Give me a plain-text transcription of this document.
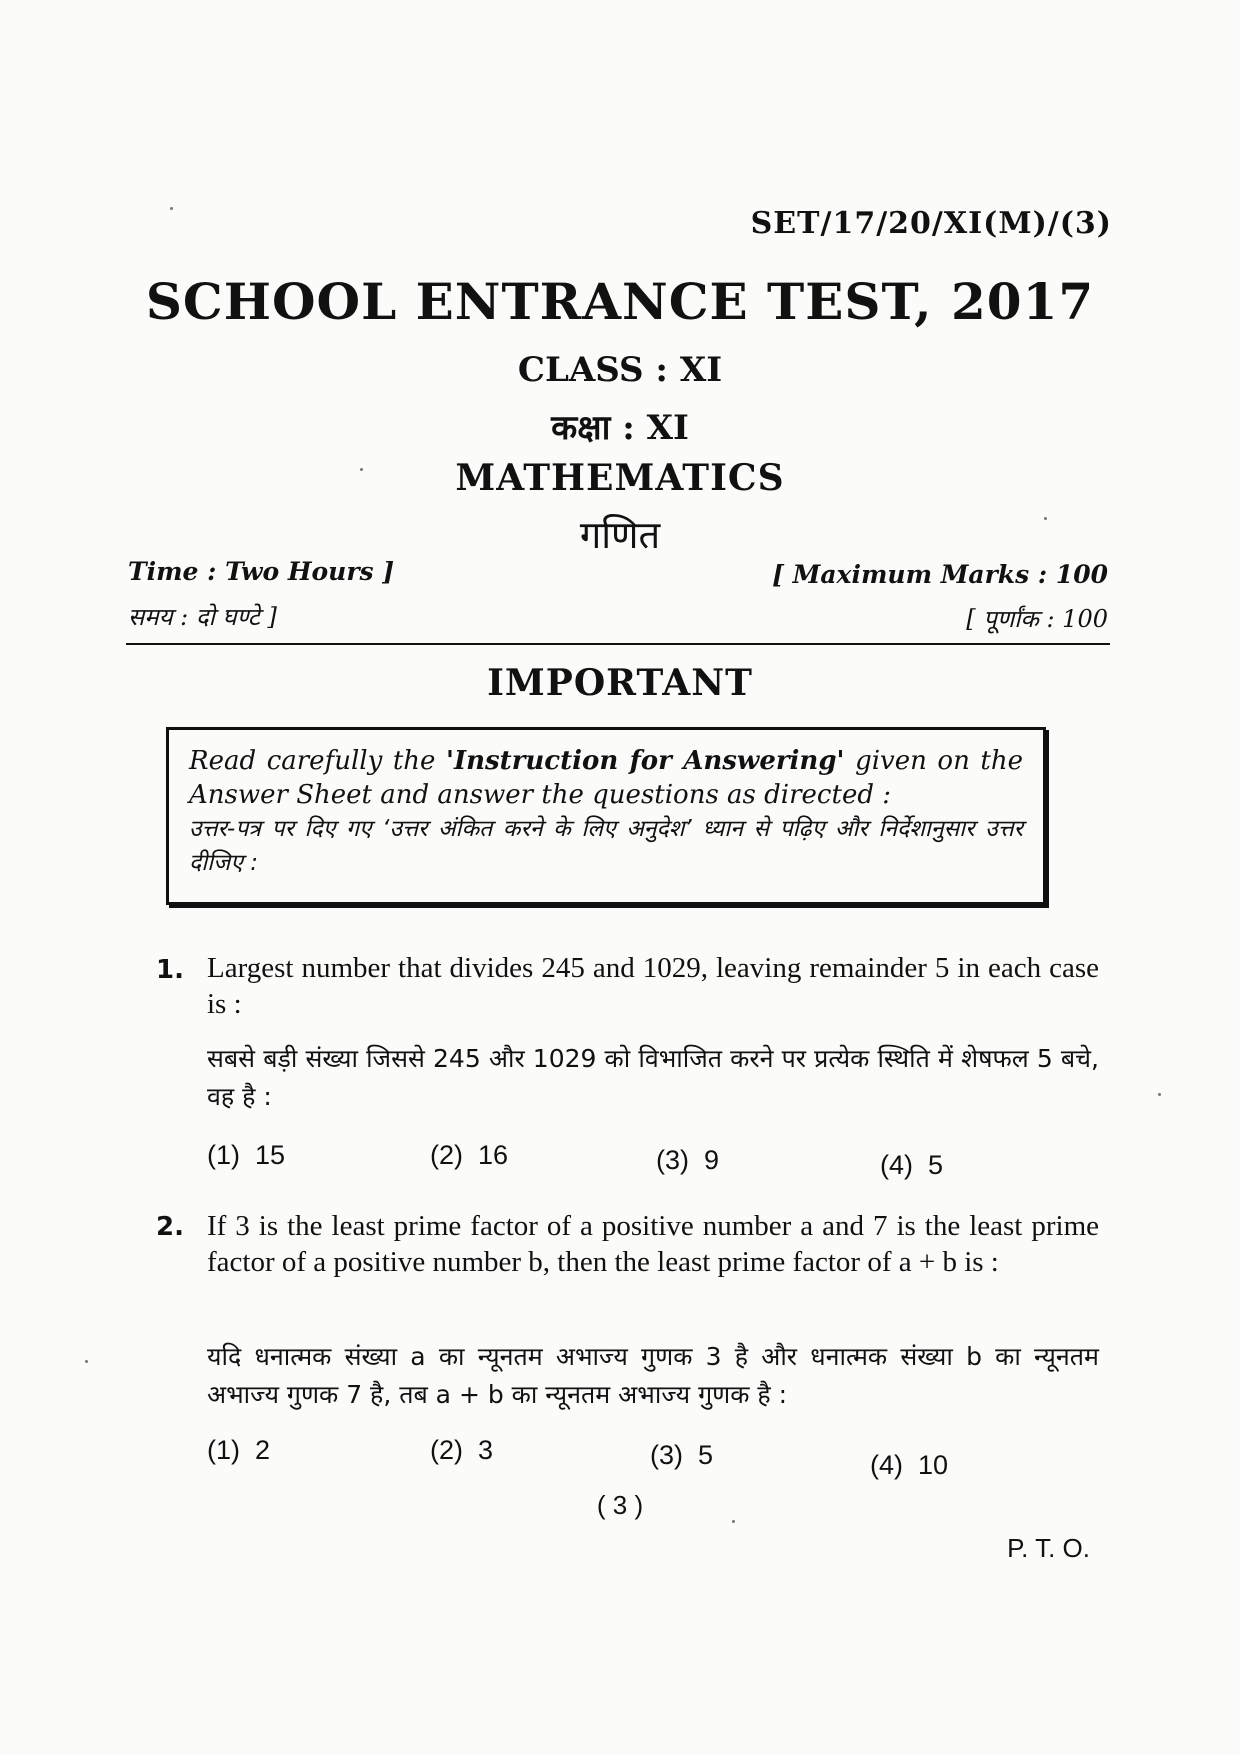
SET/17/20/XI(M)/(3)
SCHOOL ENTRANCE TEST, 2017
CLASS : XI
कक्षा : XI
MATHEMATICS
गणित
Time : Two Hours ]
समय : दो घण्टे ]
[ Maximum Marks : 100
[ पूर्णांक : 100
IMPORTANT
Read carefully the 'Instruction for Answering' given on the Answer Sheet and answer the questions as directed :
उत्तर-पत्र पर दिए गए ‘उत्तर अंकित करने के लिए अनुदेश’ ध्यान से पढ़िए और निर्देशानुसार उत्तर दीजिए :
1. Largest number that divides 245 and 1029, leaving remainder 5 in each case is :
सबसे बड़ी संख्या जिससे 245 और 1029 को विभाजित करने पर प्रत्येक स्थिति में शेषफल 5 बचे, वह है :
(1) 15	(2) 16	(3) 9	(4) 5
2. If 3 is the least prime factor of a positive number a and 7 is the least prime factor of a positive number b, then the least prime factor of a + b is :
यदि धनात्मक संख्या a का न्यूनतम अभाज्य गुणक 3 है और धनात्मक संख्या b का न्यूनतम अभाज्य गुणक 7 है, तब a + b का न्यूनतम अभाज्य गुणक है :
(1) 2	(2) 3	(3) 5	(4) 10
( 3 )
P. T. O.
